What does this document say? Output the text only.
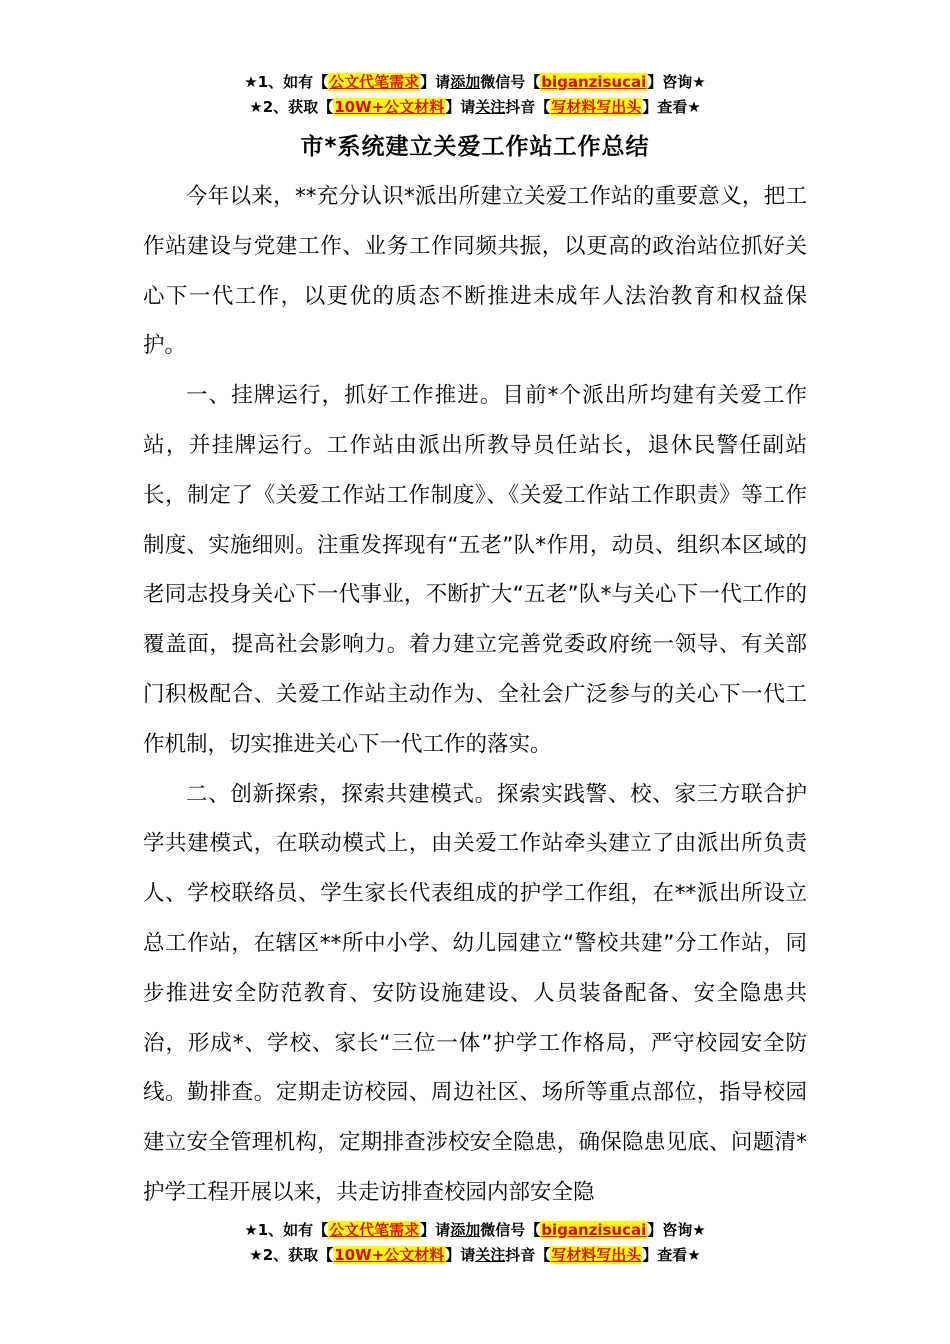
★1、如有【公文代笔需求】请添加微信号【biganzisucai】咨询★
★2、获取【10W+公文材料】请关注抖音【写材料写出头】查看★
市*系统建立关爱工作站工作总结

今年以来，**充分认识*派出所建立关爱工作站的重要意义，把工作站建设与党建工作、业务工作同频共振，以更高的政治站位抓好关心下一代工作，以更优的质态不断推进未成年人法治教育和权益保护。

一、挂牌运行，抓好工作推进。目前*个派出所均建有关爱工作站，并挂牌运行。工作站由派出所教导员任站长，退休民警任副站长，制定了《关爱工作站工作制度》、《关爱工作站工作职责》等工作制度、实施细则。注重发挥现有“五老”队*作用，动员、组织本区域的老同志投身关心下一代事业，不断扩大“五老”队*与关心下一代工作的覆盖面，提高社会影响力。着力建立完善党委政府统一领导、有关部门积极配合、关爱工作站主动作为、全社会广泛参与的关心下一代工作机制，切实推进关心下一代工作的落实。

二、创新探索，探索共建模式。探索实践警、校、家三方联合护学共建模式，在联动模式上，由关爱工作站牵头建立了由派出所负责人、学校联络员、学生家长代表组成的护学工作组，在**派出所设立总工作站，在辖区**所中小学、幼儿园建立“警校共建”分工作站，同步推进安全防范教育、安防设施建设、人员装备配备、安全隐患共治，形成*、学校、家长“三位一体”护学工作格局，严守校园安全防线。勤排查。定期走访校园、周边社区、场所等重点部位，指导校园建立安全管理机构，定期排查涉校安全隐患，确保隐患见底、问题清*护学工程开展以来，共走访排查校园内部安全隐

★1、如有【公文代笔需求】请添加微信号【biganzisucai】咨询★
★2、获取【10W+公文材料】请关注抖音【写材料写出头】查看★
